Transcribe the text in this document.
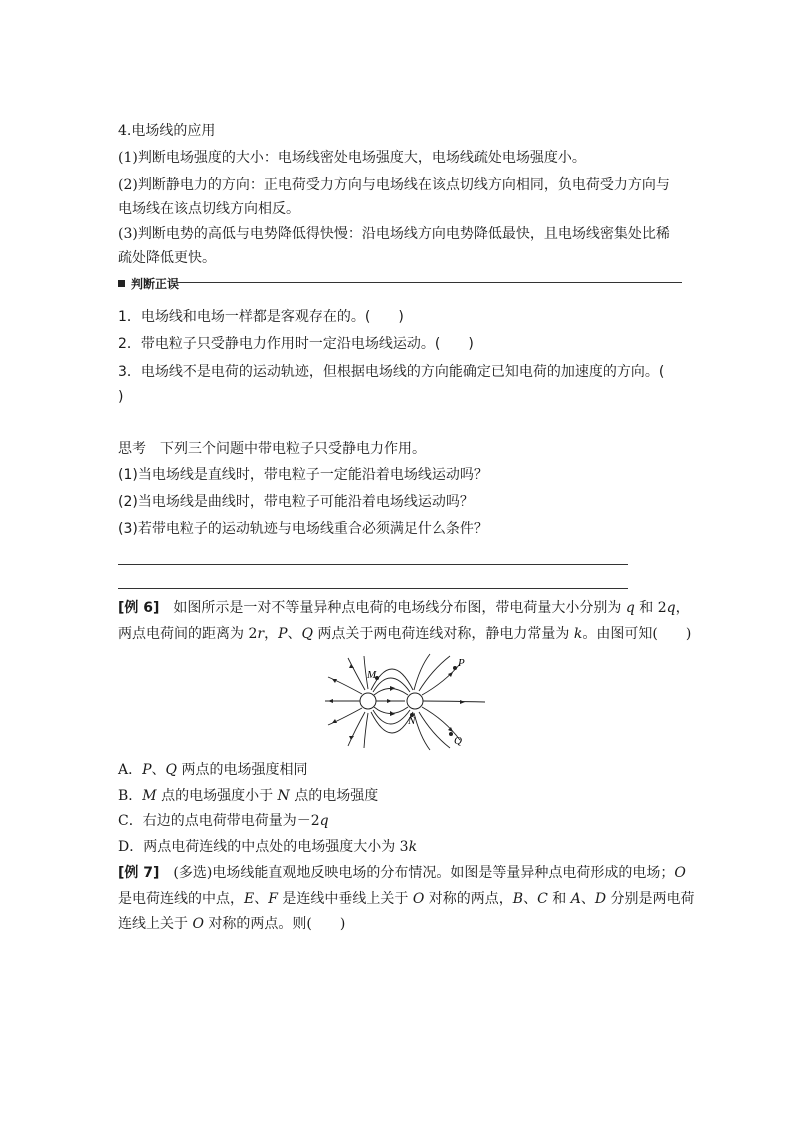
4.电场线的应用
(1)判断电场强度的大小：电场线密处电场强度大，电场线疏处电场强度小。
(2)判断静电力的方向：正电荷受力方向与电场线在该点切线方向相同，负电荷受力方向与
电场线在该点切线方向相反。
(3)判断电势的高低与电势降低得快慢：沿电场线方向电势降低最快，且电场线密集处比稀
疏处降低更快。
判断正误
1．电场线和电场一样都是客观存在的。(　　)
2．带电粒子只受静电力作用时一定沿电场线运动。(　　)
3．电场线不是电荷的运动轨迹，但根据电场线的方向能确定已知电荷的加速度的方向。(
)
思考　下列三个问题中带电粒子只受静电力作用。
(1)当电场线是直线时，带电粒子一定能沿着电场线运动吗？
(2)当电场线是曲线时，带电粒子可能沿着电场线运动吗？
(3)若带电粒子的运动轨迹与电场线重合必须满足什么条件？
[例 6]　如图所示是一对不等量异种点电荷的电场线分布图，带电荷量大小分别为 q 和 2q，
两点电荷间的距离为 2r，P、Q 两点关于两电荷连线对称，静电力常量为 k。由图可知(　　)
M
N
P
Q
A．P、Q 两点的电场强度相同
B．M 点的电场强度小于 N 点的电场强度
C．右边的点电荷带电荷量为－2q
D．两点电荷连线的中点处的电场强度大小为 3k
[例 7]　(多选)电场线能直观地反映电场的分布情况。如图是等量异种点电荷形成的电场；O
是电荷连线的中点，E、F 是连线中垂线上关于 O 对称的两点，B、C 和 A、D 分别是两电荷
连线上关于 O 对称的两点。则(　　)
